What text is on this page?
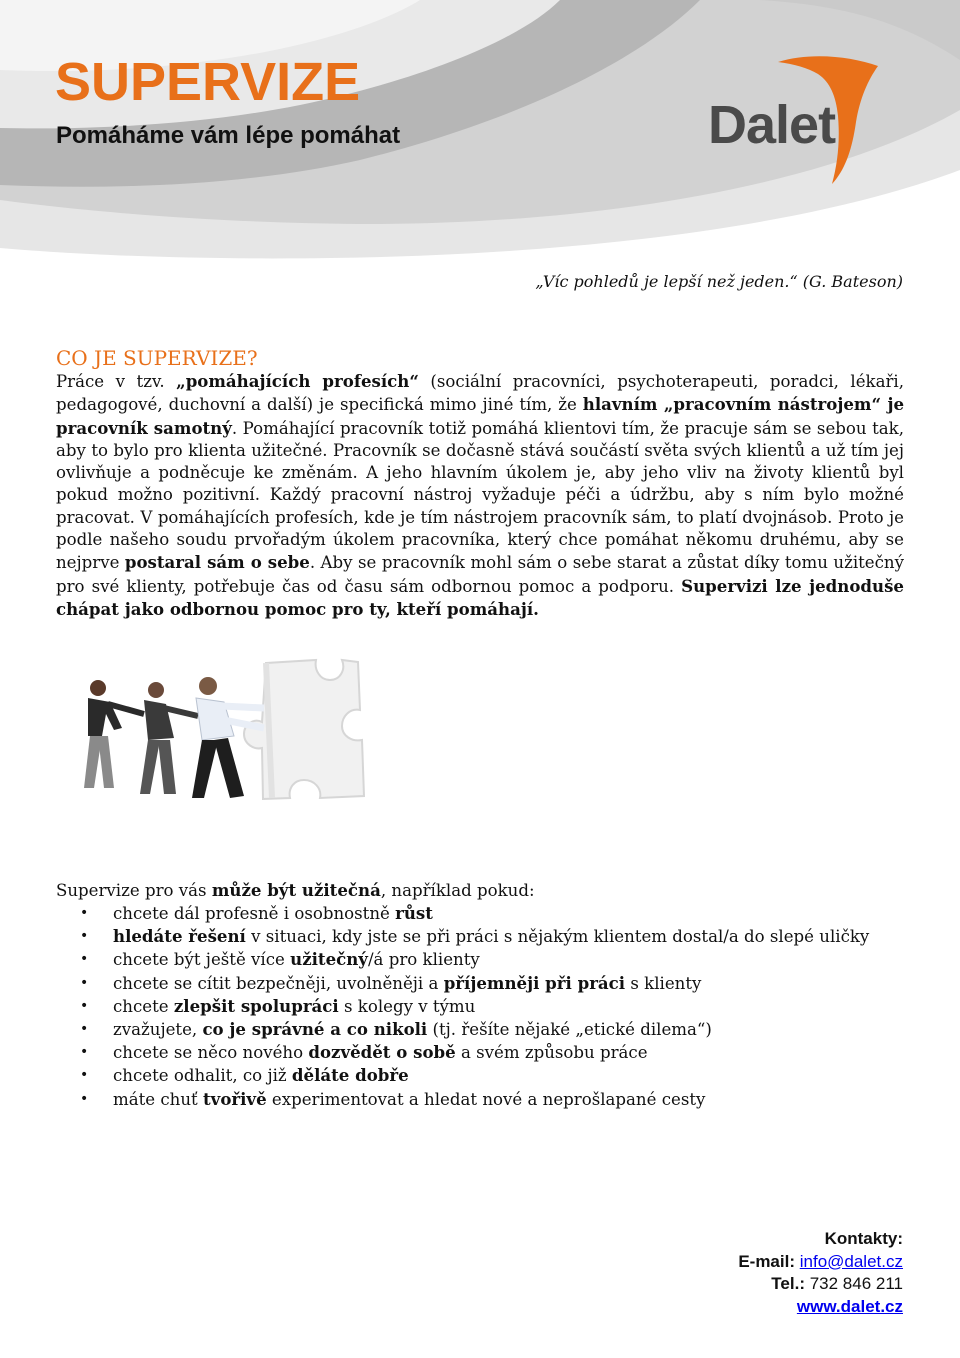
SUPERVIZE
Pomáháme vám lépe pomáhat	Dalet

„Víc pohledů je lepší než jeden.“ (G. Bateson)

CO JE SUPERVIZE?

Práce v tzv. „pomáhajících profesích“ (sociální pracovníci, psychoterapeuti, poradci, lékaři, pedagogové, duchovní a další) je specifická mimo jiné tím, že hlavním „pracovním nástrojem“ je pracovník samotný. Pomáhající pracovník totiž pomáhá klientovi tím, že pracuje sám se sebou tak, aby to bylo pro klienta užitečné. Pracovník se dočasně stává součástí světa svých klientů a už tím jej ovlivňuje a podněcuje ke změnám. A jeho hlavním úkolem je, aby jeho vliv na životy klientů byl pokud možno pozitivní. Každý pracovní nástroj vyžaduje péči a údržbu, aby s ním bylo možné pracovat. V pomáhajících profesích, kde je tím nástrojem pracovník sám, to platí dvojnásob. Proto je podle našeho soudu prvořadým úkolem pracovníka, který chce pomáhat někomu druhému, aby se nejprve postaral sám o sebe. Aby se pracovník mohl sám o sebe starat a zůstat díky tomu užitečný pro své klienty, potřebuje čas od času sám odbornou pomoc a podporu. Supervizi lze jednoduše chápat jako odbornou pomoc pro ty, kteří pomáhají.

Supervize pro vás může být užitečná, například pokud:

• chcete dál profesně i osobnostně růst
• hledáte řešení v situaci, kdy jste se při práci s nějakým klientem dostal/a do slepé uličky
• chcete být ještě více užitečný/á pro klienty
• chcete se cítit bezpečněji, uvolněněji a příjemněji při práci s klienty
• chcete zlepšit spolupráci s kolegy v týmu
• zvažujete, co je správné a co nikoli (tj. řešíte nějaké „etické dilema“)
• chcete se něco nového dozvědět o sobě a svém způsobu práce
• chcete odhalit, co již děláte dobře
• máte chuť tvořivě experimentovat a hledat nové a neprošlapané cesty
Kontakty:
E-mail: info@dalet.cz
Tel.: 732 846 211
www.dalet.cz
